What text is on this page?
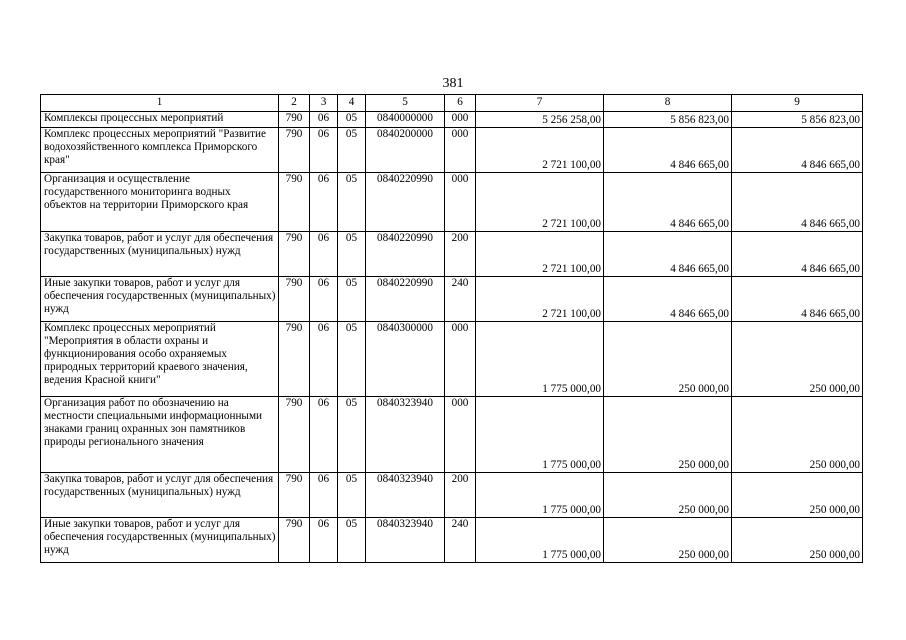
381
1	2	3	4	5	6	7	8	9
Комплексы процессных мероприятий	790	06	05	0840000000	000	5 256 258,00	5 856 823,00	5 856 823,00
Комплекс процессных мероприятий "Развитие водохозяйственного комплекса Приморского края"	790	06	05	0840200000	000	2 721 100,00	4 846 665,00	4 846 665,00
Организация и осуществление государственного мониторинга водных объектов на территории Приморского края	790	06	05	0840220990	000	2 721 100,00	4 846 665,00	4 846 665,00
Закупка товаров, работ и услуг для обеспечения государственных (муниципальных) нужд	790	06	05	0840220990	200	2 721 100,00	4 846 665,00	4 846 665,00
Иные закупки товаров, работ и услуг для обеспечения государственных (муниципальных) нужд	790	06	05	0840220990	240	2 721 100,00	4 846 665,00	4 846 665,00
Комплекс процессных мероприятий "Мероприятия в области охраны и функционирования особо охраняемых природных территорий краевого значения, ведения Красной книги"	790	06	05	0840300000	000	1 775 000,00	250 000,00	250 000,00
Организация работ по обозначению на местности специальными информационными знаками границ охранных зон памятников природы регионального значения	790	06	05	0840323940	000	1 775 000,00	250 000,00	250 000,00
Закупка товаров, работ и услуг для обеспечения государственных (муниципальных) нужд	790	06	05	0840323940	200	1 775 000,00	250 000,00	250 000,00
Иные закупки товаров, работ и услуг для обеспечения государственных (муниципальных) нужд	790	06	05	0840323940	240	1 775 000,00	250 000,00	250 000,00
